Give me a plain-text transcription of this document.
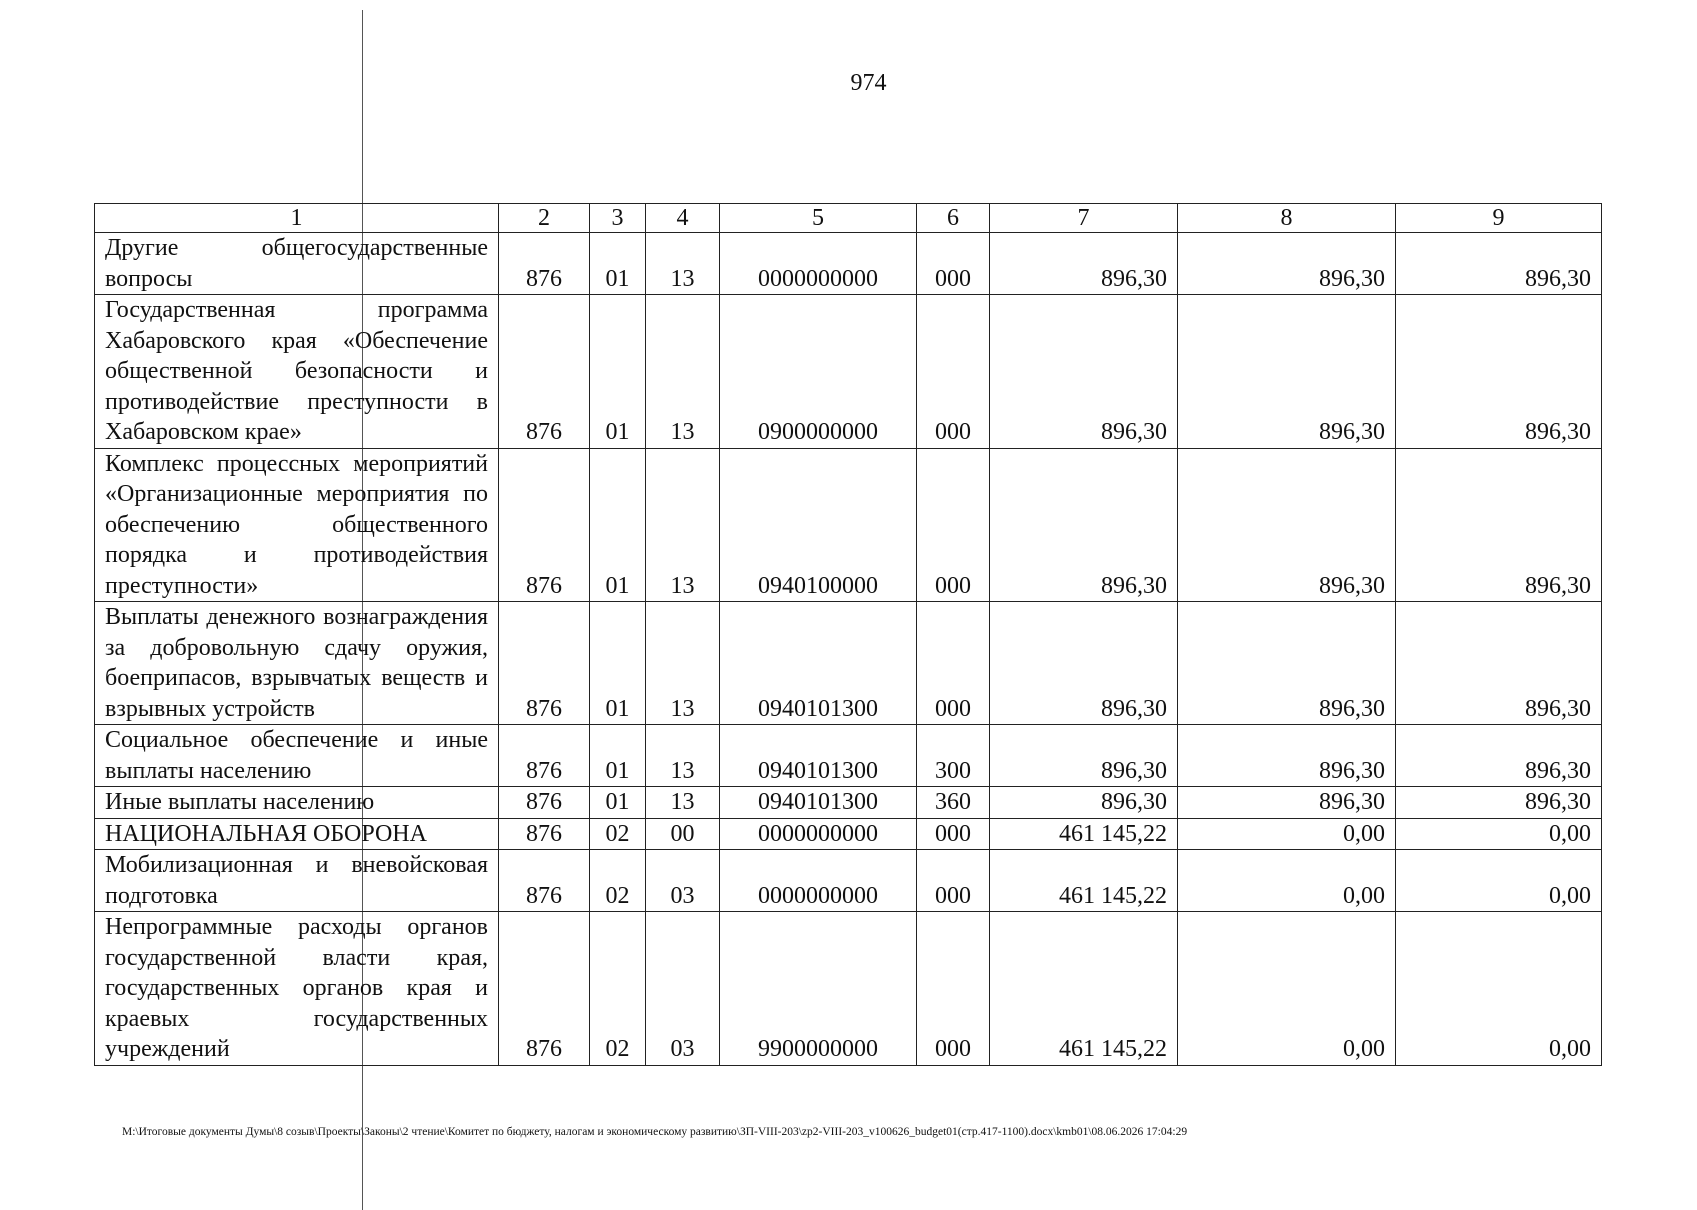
974
1	2	3	4	5	6	7	8	9
Другие общегосударственные вопросы	876	01	13	0000000000	000	896,30	896,30	896,30
Государственная программа Хабаровского края «Обеспечение общественной безопасности и противодействие преступности в Хабаровском крае»	876	01	13	0900000000	000	896,30	896,30	896,30
Комплекс процессных мероприятий «Организационные мероприятия по обеспечению общественного порядка и противодействия преступности»	876	01	13	0940100000	000	896,30	896,30	896,30
Выплаты денежного вознаграждения за добровольную сдачу оружия, боеприпасов, взрывчатых веществ и взрывных устройств	876	01	13	0940101300	000	896,30	896,30	896,30
Социальное обеспечение и иные выплаты населению	876	01	13	0940101300	300	896,30	896,30	896,30
Иные выплаты населению	876	01	13	0940101300	360	896,30	896,30	896,30
НАЦИОНАЛЬНАЯ ОБОРОНА	876	02	00	0000000000	000	461 145,22	0,00	0,00
Мобилизационная и вневойсковая подготовка	876	02	03	0000000000	000	461 145,22	0,00	0,00
Непрограммные расходы органов государственной власти края, государственных органов края и краевых государственных учреждений	876	02	03	9900000000	000	461 145,22	0,00	0,00
M:\Итоговые документы Думы\8 созыв\Проекты\Законы\2 чтение\Комитет по бюджету, налогам и экономическому развитию\ЗП-VIII-203\zp2-VIII-203_v100626_budget01(стр.417-1100).docx\kmb01\08.06.2026 17:04:29
